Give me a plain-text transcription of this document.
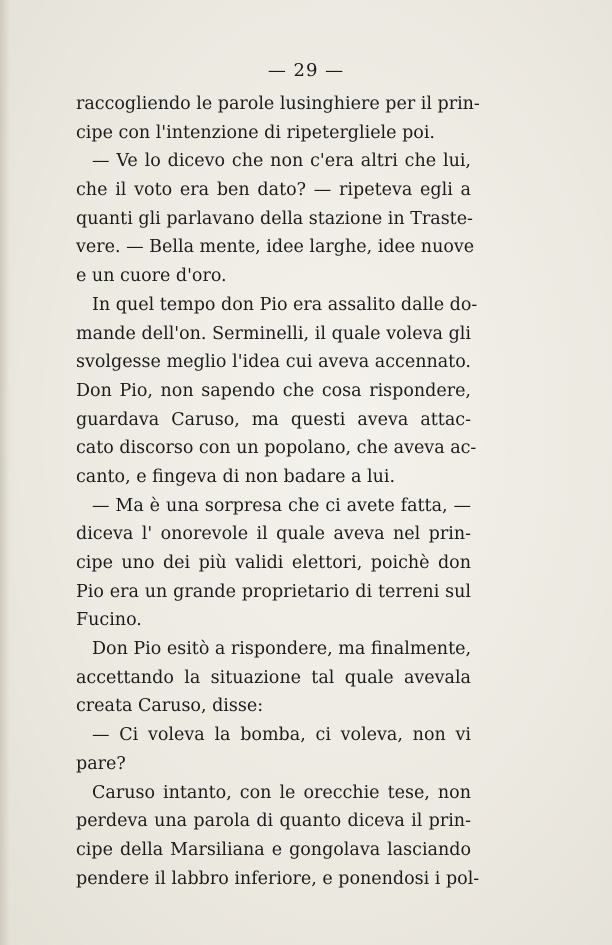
— 29 —
raccogliendo le parole lusinghiere per il prin-
cipe con l'intenzione di ripetergliele poi.
— Ve lo dicevo che non c'era altri che lui,
che il voto era ben dato? — ripeteva egli a
quanti gli parlavano della stazione in Traste-
vere. — Bella mente, idee larghe, idee nuove
e un cuore d'oro.
In quel tempo don Pio era assalito dalle do-
mande dell'on. Serminelli, il quale voleva gli
svolgesse meglio l'idea cui aveva accennato.
Don Pio, non sapendo che cosa rispondere,
guardava Caruso, ma questi aveva attac-
cato discorso con un popolano, che aveva ac-
canto, e fingeva di non badare a lui.
— Ma è una sorpresa che ci avete fatta, —
diceva l' onorevole il quale aveva nel prin-
cipe uno dei più validi elettori, poichè don
Pio era un grande proprietario di terreni sul
Fucino.
Don Pio esitò a rispondere, ma finalmente,
accettando la situazione tal quale avevala
creata Caruso, disse:
— Ci voleva la bomba, ci voleva, non vi
pare?
Caruso intanto, con le orecchie tese, non
perdeva una parola di quanto diceva il prin-
cipe della Marsiliana e gongolava lasciando
pendere il labbro inferiore, e ponendosi i pol-
